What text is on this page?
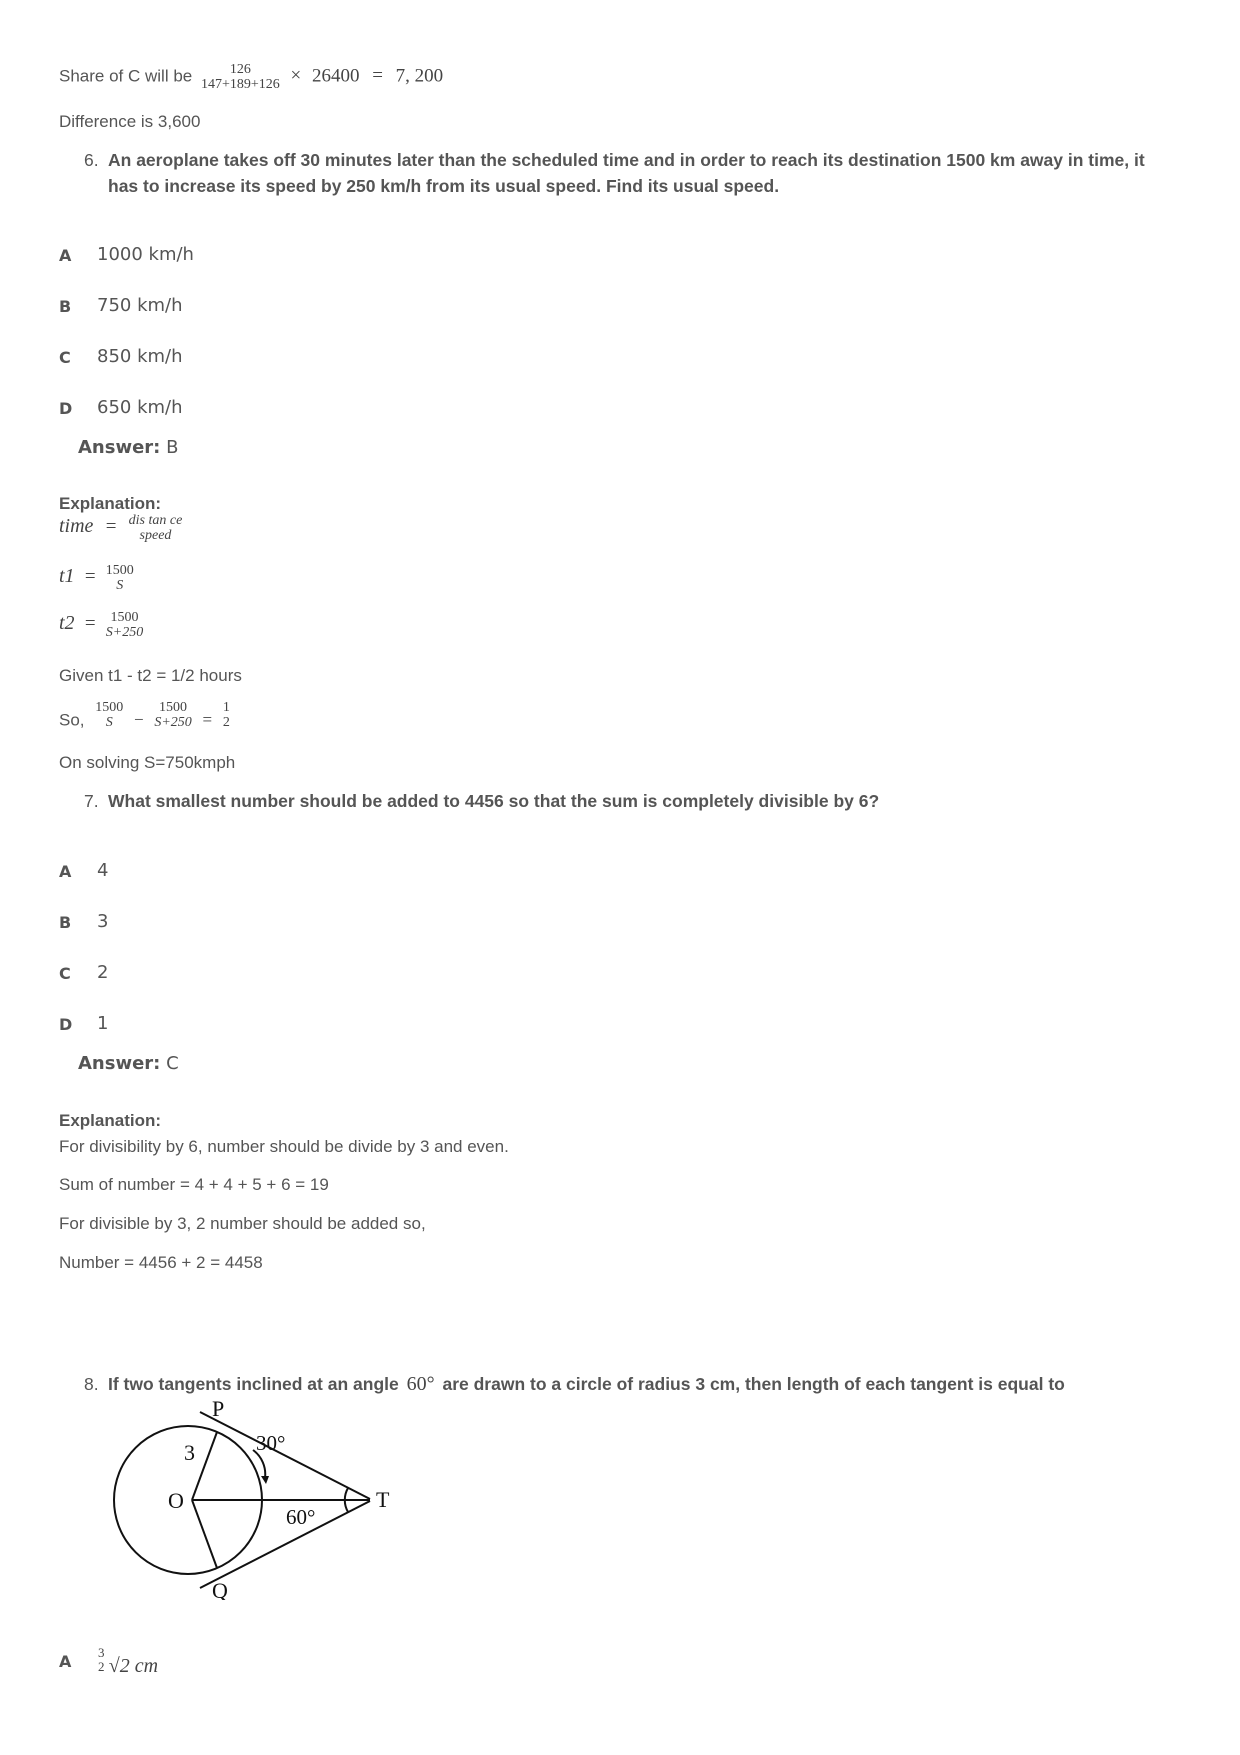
Share of C will be	126
147+189+126 × 26400 = 7, 200
Difference is 3,600
6. An aeroplane takes off 30 minutes later than the scheduled time and in order to reach its destination 1500 km away in time, it has to increase its speed by 250 km/h from its usual speed. Find its usual speed.
A 1000 km/h
B 750 km/h
C 850 km/h
D 650 km/h
Answer: B
Explanation:
time = dis tan ce
speed
t1 = 1500
S
t2 =	1500
S+250
Given t1 - t2 = 1/2 hours
So,
1500
S	−
1500
S+250 =
1
2
On solving S=750kmph
7. What smallest number should be added to 4456 so that the sum is completely divisible by 6?
A 4
B 3
C 2
D 1
Answer: C
Explanation:
For divisibility by 6, number should be divide by 3 and even.
Sum of number = 4 + 4 + 5 + 6 = 19
For divisible by 3, 2 number should be added so,
Number = 4456 + 2 = 4458
8. If two tangents inclined at an angle 60° are drawn to a circle of radius 3 cm, then length of each tangent is equal to
P
Q
O	T
3	30°
60°
A 3
2 √2 cm
